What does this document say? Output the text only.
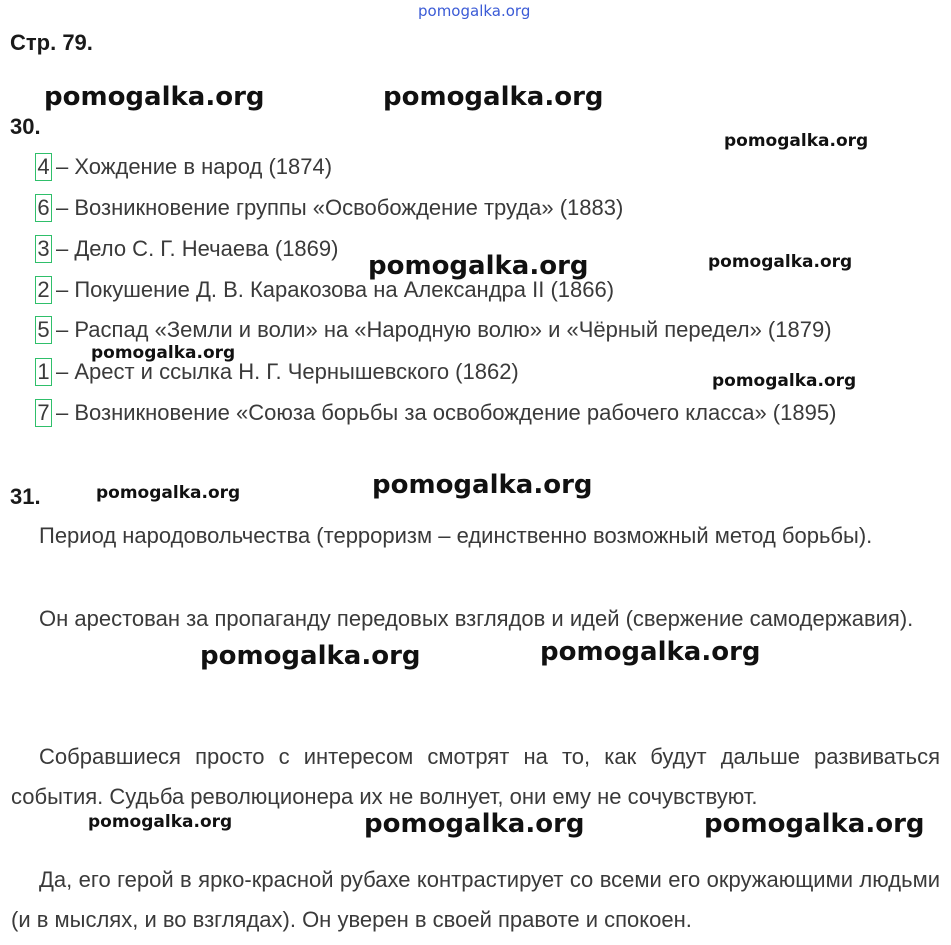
pomogalka.org
Стр. 79.
30.
4 – Хождение в народ (1874)
6 – Возникновение группы «Освобождение труда» (1883)
3 – Дело С. Г. Нечаева (1869)
2 – Покушение Д. В. Каракозова на Александра II (1866)
5 – Распад «Земли и воли» на «Народную волю» и «Чёрный передел» (1879)
1 – Арест и ссылка Н. Г. Чернышевского (1862)
7 – Возникновение «Союза борьбы за освобождение рабочего класса» (1895)
31.
Период народовольчества (терроризм – единственно возможный метод борьбы).
Он арестован за пропаганду передовых взглядов и идей (свержение самодержавия).
Собравшиеся просто с интересом смотрят на то, как будут дальше развиваться события. Судьба революционера их не волнует, они ему не сочувствуют.
Да, его герой в ярко-красной рубахе контрастирует со всеми его окружающими людьми (и в мыслях, и во взглядах). Он уверен в своей правоте и спокоен.
pomogalka.org	pomogalka.org
pomogalka.org
pomogalka.org	pomogalka.org
pomogalka.org
pomogalka.org
pomogalka.org	pomogalka.org
pomogalka.org	pomogalka.org
pomogalka.org	pomogalka.org	pomogalka.org
